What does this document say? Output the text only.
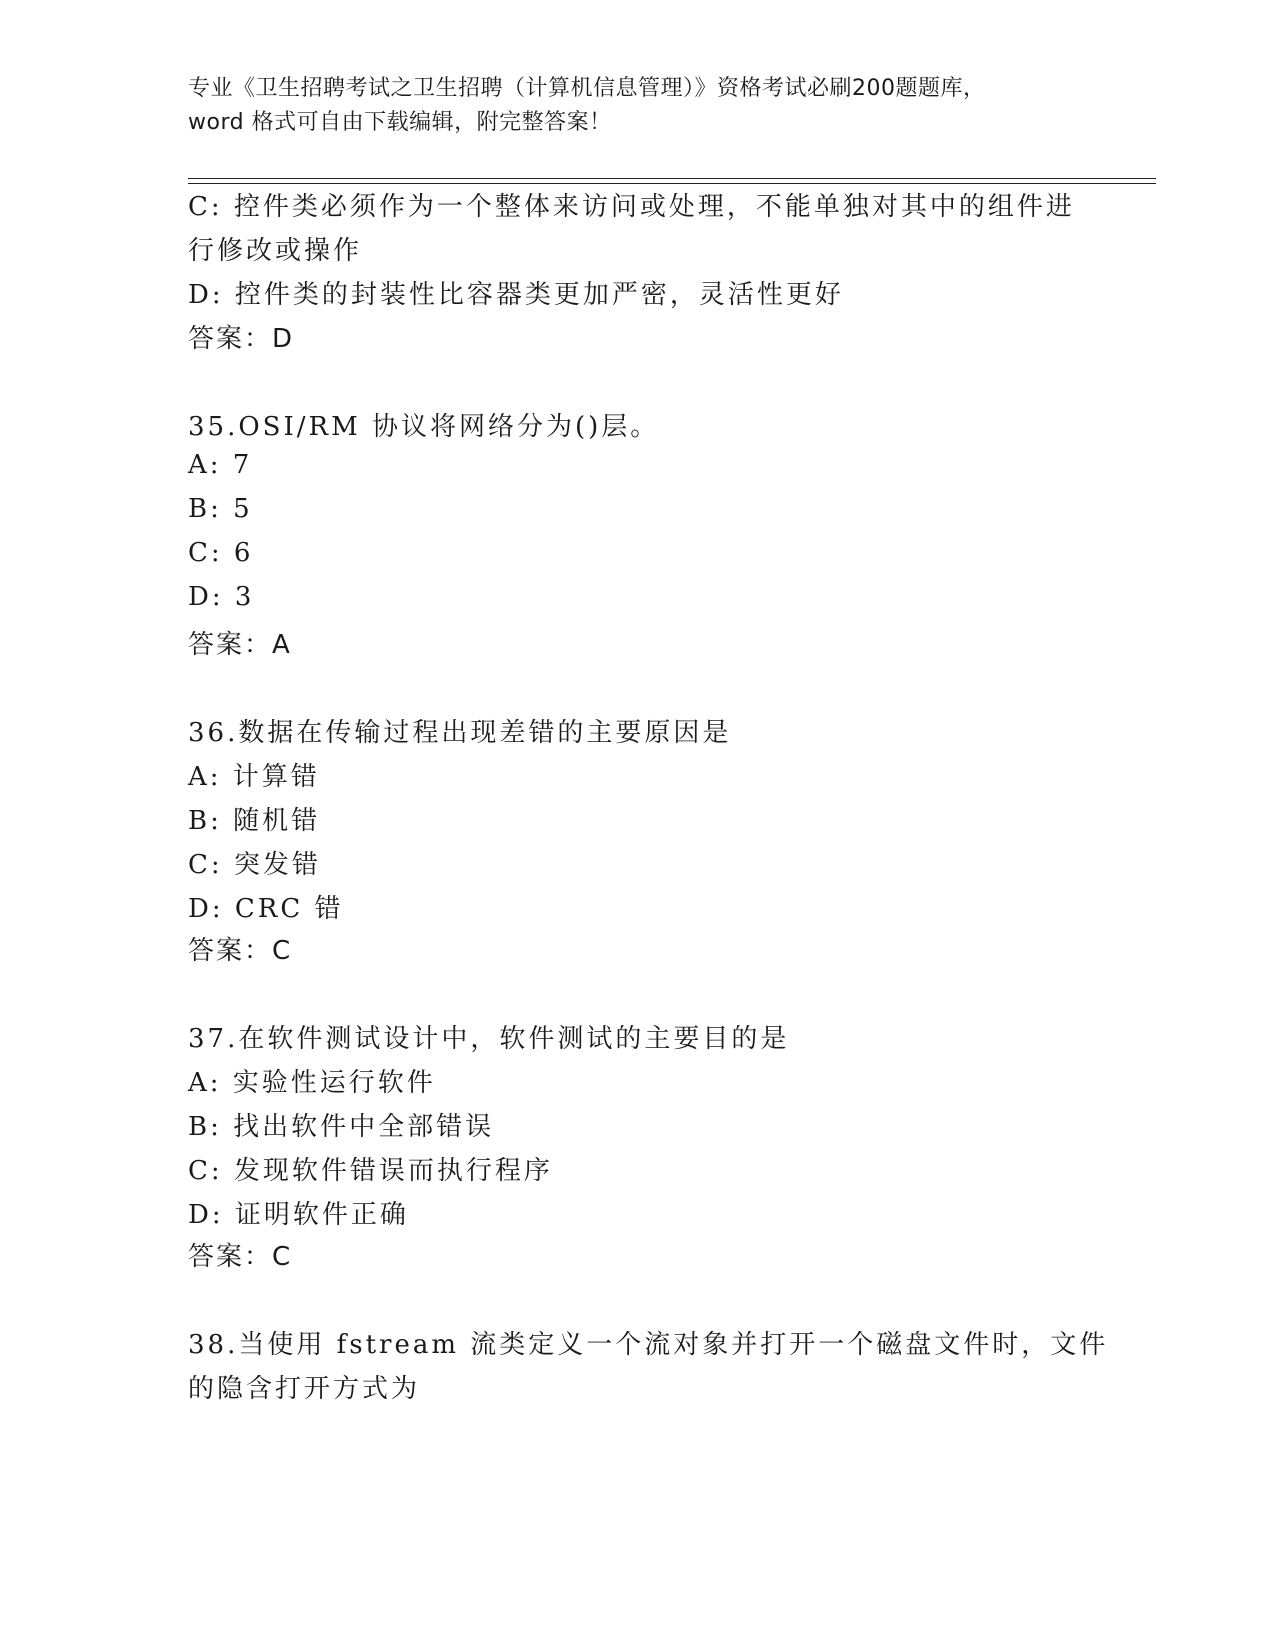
专业《卫生招聘考试之卫生招聘（计算机信息管理）》资格考试必刷200题题库，
word 格式可自由下载编辑，附完整答案！
C: 控件类必须作为一个整体来访问或处理，不能单独对其中的组件进
行修改或操作
D: 控件类的封装性比容器类更加严密，灵活性更好
答案：D
35.OSI/RM 协议将网络分为()层。
A: 7
B: 5
C: 6
D: 3
答案：A
36.数据在传输过程出现差错的主要原因是
A: 计算错
B: 随机错
C: 突发错
D: CRC 错
答案：C
37.在软件测试设计中，软件测试的主要目的是
A: 实验性运行软件
B: 找出软件中全部错误
C: 发现软件错误而执行程序
D: 证明软件正确
答案：C
38.当使用 fstream 流类定义一个流对象并打开一个磁盘文件时，文件
的隐含打开方式为
